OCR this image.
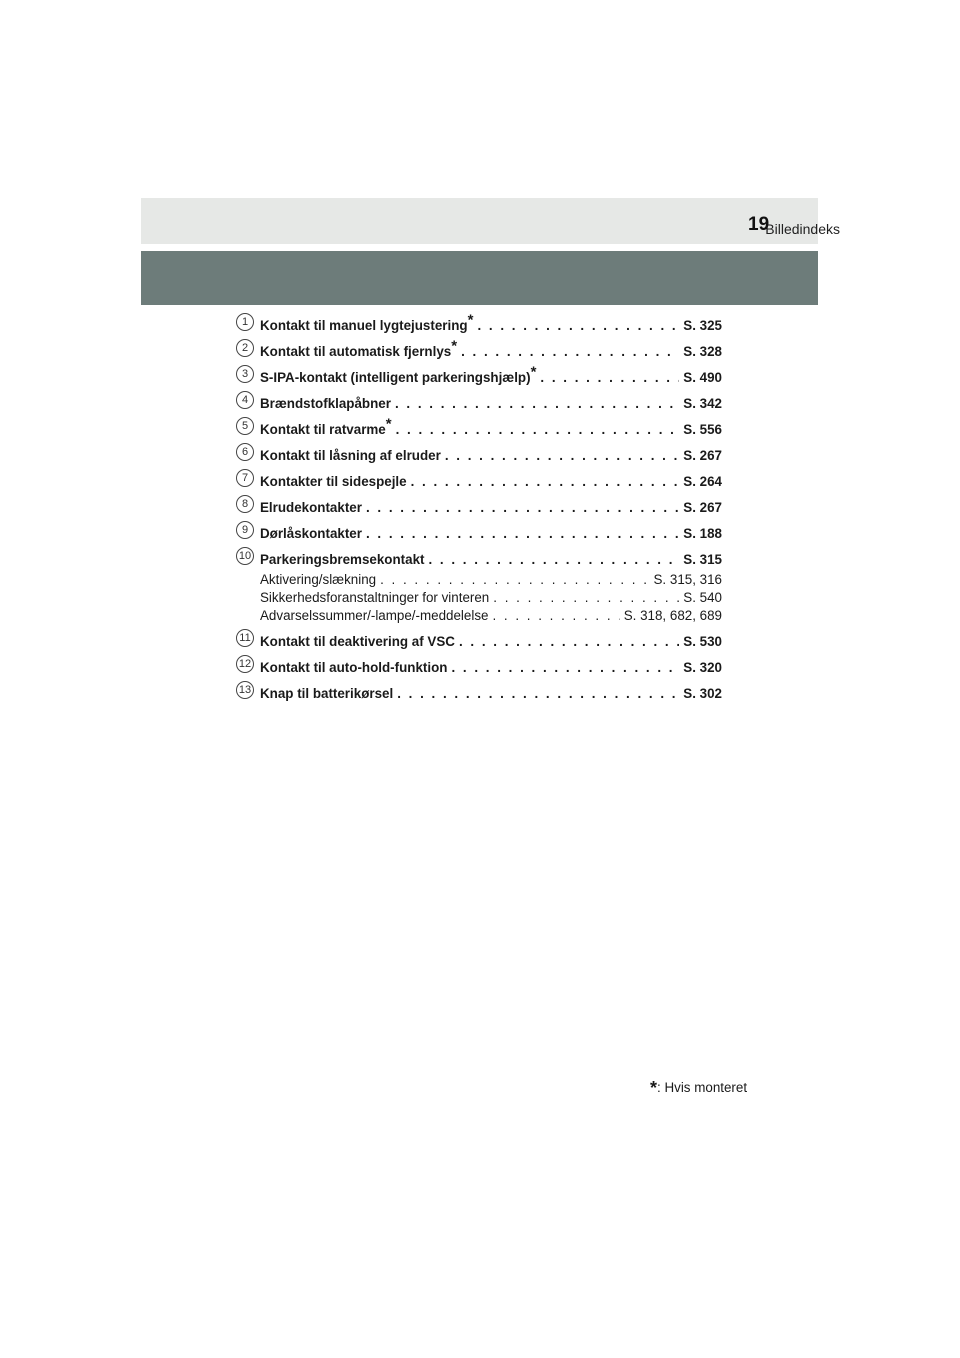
Billedindeks
19
1 Kontakt til manuel lygtejustering* . . .	S. 325
2 Kontakt til automatisk fjernlys* . . .	S. 328
3 S-IPA-kontakt (intelligent parkeringshjælp)* . . .	S. 490
4 Brændstofklapåbner . . .	S. 342
5 Kontakt til ratvarme* . . .	S. 556
6 Kontakt til låsning af elruder . . .	S. 267
7 Kontakter til sidespejle . . .	S. 264
8 Elrudekontakter . . .	S. 267
9 Dørlåskontakter . . .	S. 188
10 Parkeringsbremsekontakt . . .	S. 315
Aktivering/slækning . . .	S. 315, 316
Sikkerhedsforanstaltninger for vinteren . . .	S. 540
Advarselssummer/-lampe/-meddelelse . . .	S. 318, 682, 689
11 Kontakt til deaktivering af VSC . . .	S. 530
12 Kontakt til auto-hold-funktion . . .	S. 320
13 Knap til batterikørsel . . .	S. 302
*: Hvis monteret
